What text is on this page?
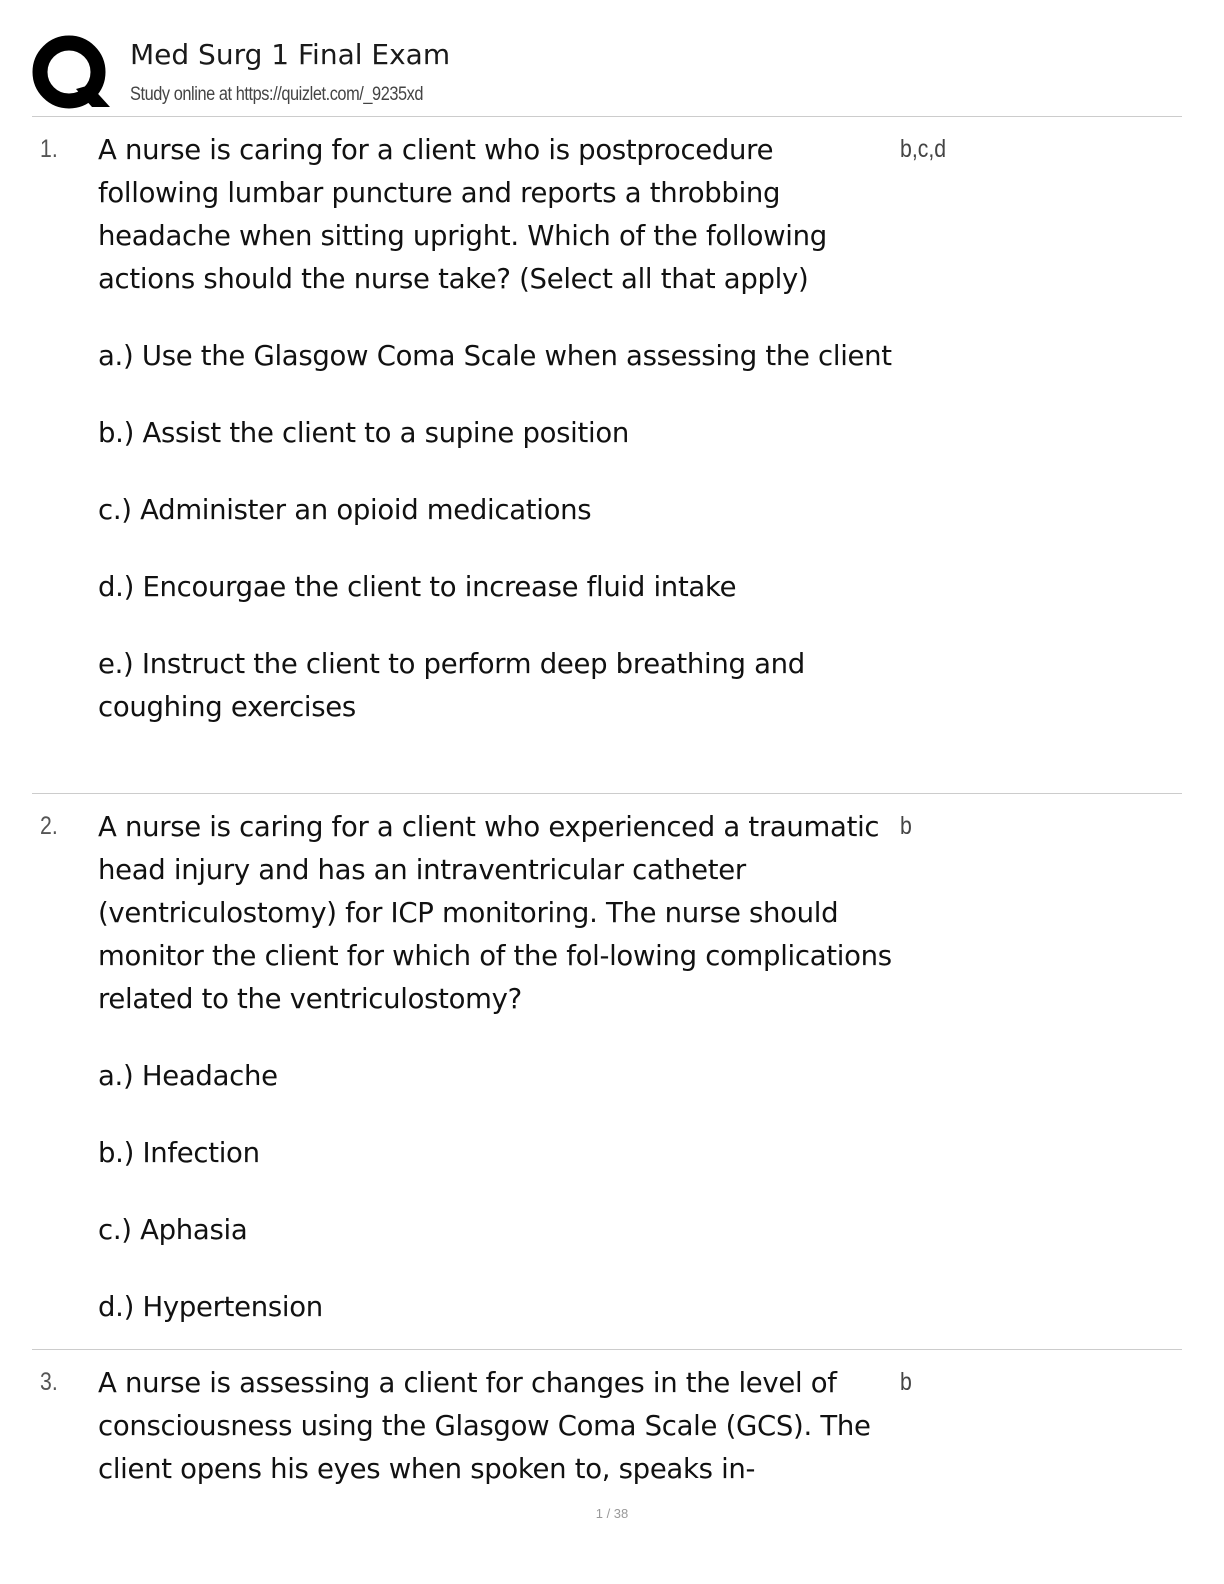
Med Surg 1 Final Exam
Study online at https://quizlet.com/_9235xd
1. A nurse is caring for a client who is postprocedure following lumbar puncture and reports a throbbing headache when sitting upright. Which of the following actions should the nurse take? (Select all that apply)

a.) Use the Glasgow Coma Scale when assessing the client

b.) Assist the client to a supine position

c.) Administer an opioid medications

d.) Encourgae the client to increase fluid intake

e.) Instruct the client to perform deep breathing and coughing exercises

b,c,d
2. A nurse is caring for a client who experienced a traumatic head injury and has an intraventricular catheter (ventriculostomy) for ICP monitoring. The nurse should monitor the client for which of the fol-lowing complications related to the ventriculostomy?

a.) Headache

b.) Infection

c.) Aphasia

d.) Hypertension

b
3. A nurse is assessing a client for changes in the level of consciousness using the Glasgow Coma Scale (GCS). The client opens his eyes when spoken to, speaks in-

b
1 / 38
